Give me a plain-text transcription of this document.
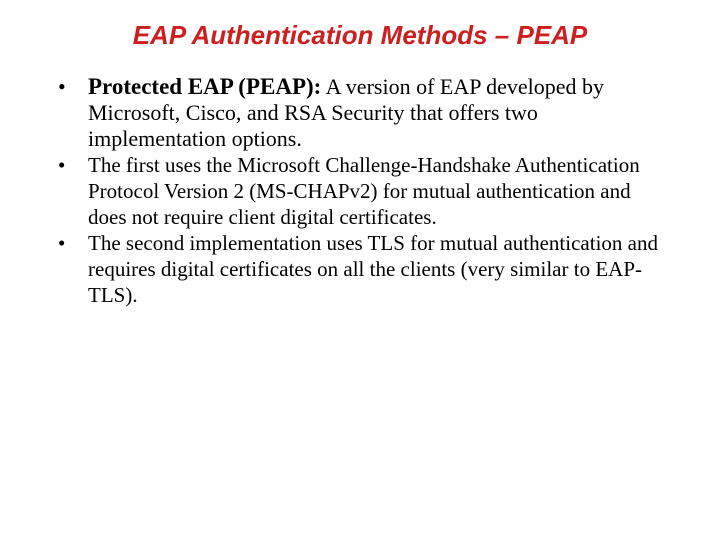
EAP Authentication Methods – PEAP
• Protected EAP (PEAP): A version of EAP developed by Microsoft, Cisco, and RSA Security that offers two implementation options.
• The first uses the Microsoft Challenge-Handshake Authentication Protocol Version 2 (MS-CHAPv2) for mutual authentication and does not require client digital certificates.
• The second implementation uses TLS for mutual authentication and requires digital certificates on all the clients (very similar to EAP-TLS).
